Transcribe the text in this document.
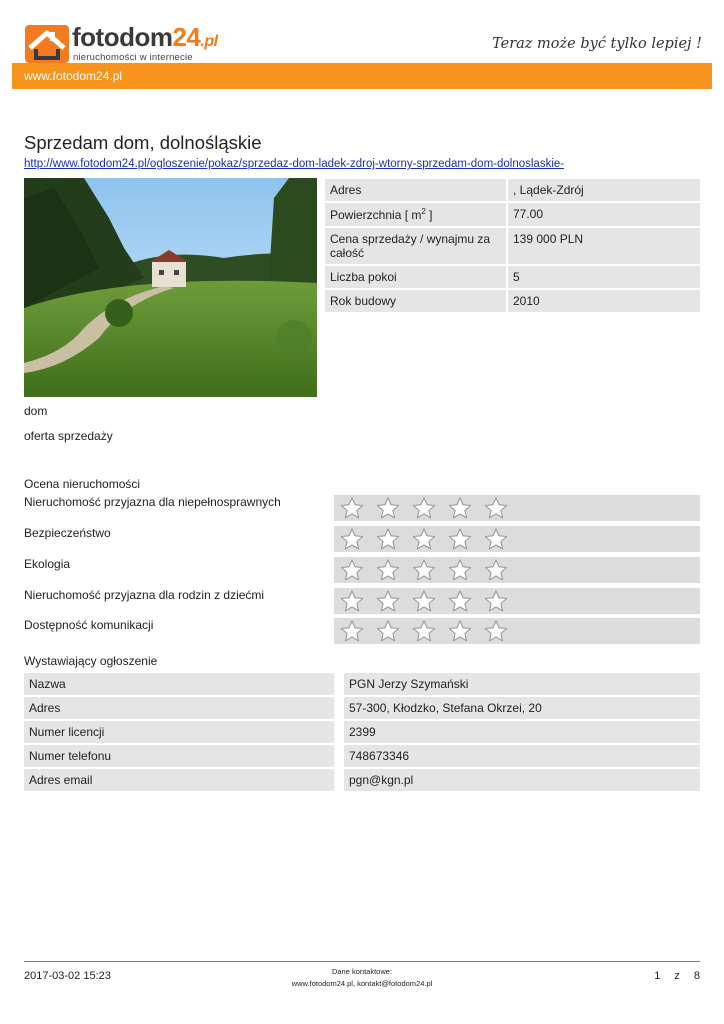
fotodom24.pl
nieruchomości w internecie
Teraz może być tylko lepiej !
www.fotodom24.pl
Sprzedam dom, dolnośląskie
http://www.fotodom24.pl/ogloszenie/pokaz/sprzedaz-dom-ladek-zdroj-wtorny-sprzedam-dom-dolnoslaskie-
Adres	, Lądek-Zdrój
Powierzchnia [ $m^2$ ]	77.00
Cena sprzedaży / wynajmu za całość	139 000 PLN
Liczba pokoi	5
Rok budowy	2010
dom
oferta sprzedaży
Ocena nieruchomości
Nieruchomość przyjazna dla niepełnosprawnych
Bezpieczeństwo
Ekologia
Nieruchomość przyjazna dla rodzin z dziećmi
Dostępność komunikacji
Wystawiający ogłoszenie
Nazwa	PGN Jerzy Szymański
Adres	57-300, Kłodzko, Stefana Okrzei, 20
Numer licencji	2399
Numer telefonu	748673346
Adres email	pgn@kgn.pl
2017-03-02 15:23	Dane kontaktowe:
www.fotodom24.pl, kontakt@fotodom24.pl
1 z 8
